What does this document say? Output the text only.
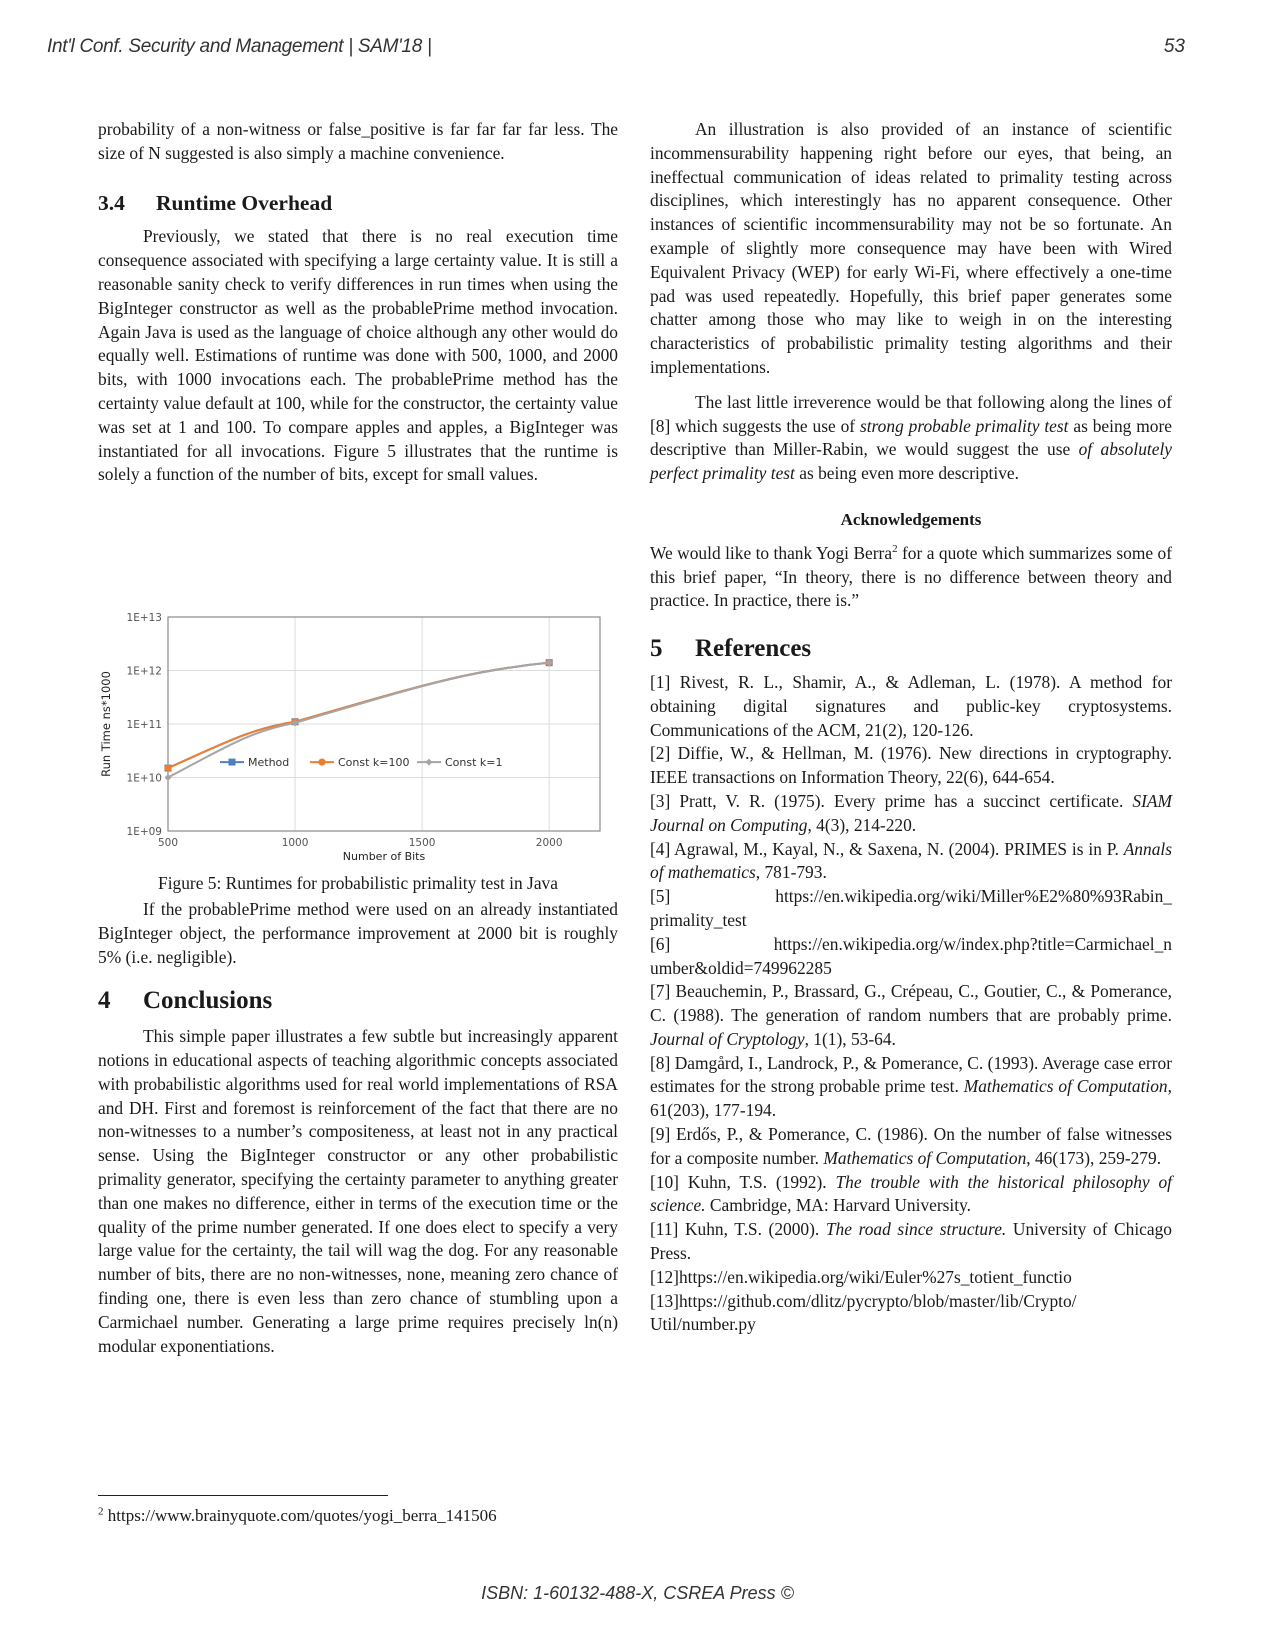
Int'l Conf. Security and Management | SAM'18 |	53

probability of a non-witness or false_positive is far far far far less. The size of N suggested is also simply a machine convenience.

3.4 Runtime Overhead

Previously, we stated that there is no real execution time consequence associated with specifying a large certainty value. It is still a reasonable sanity check to verify differences in run times when using the BigInteger constructor as well as the probablePrime method invocation. Again Java is used as the language of choice although any other would do equally well. Estimations of runtime was done with 500, 1000, and 2000 bits, with 1000 invocations each. The probablePrime method has the certainty value default at 100, while for the constructor, the certainty value was set at 1 and 100. To compare apples and apples, a BigInteger was instantiated for all invocations. Figure 5 illustrates that the runtime is solely a function of the number of bits, except for small values.

1E+09
1E+10
1E+11
1E+12
1E+13
500	1000	1500	2000
Run Time ns*1000
Number of Bits
Method	Const k=100	Const k=1
Figure 5: Runtimes for probabilistic primality test in Java

If the probablePrime method were used on an already instantiated BigInteger object, the performance improvement at 2000 bit is roughly 5% (i.e. negligible).

4 Conclusions

This simple paper illustrates a few subtle but increasingly apparent notions in educational aspects of teaching algorithmic concepts associated with probabilistic algorithms used for real world implementations of RSA and DH. First and foremost is reinforcement of the fact that there are no non-witnesses to a number’s compositeness, at least not in any practical sense. Using the BigInteger constructor or any other probabilistic primality generator, specifying the certainty parameter to anything greater than one makes no difference, either in terms of the execution time or the quality of the prime number generated. If one does elect to specify a very large value for the certainty, the tail will wag the dog. For any reasonable number of bits, there are no non-witnesses, none, meaning zero chance of finding one, there is even less than zero chance of stumbling upon a Carmichael number. Generating a large prime requires precisely ln(n) modular exponentiations.

An illustration is also provided of an instance of scientific incommensurability happening right before our eyes, that being, an ineffectual communication of ideas related to primality testing across disciplines, which interestingly has no apparent consequence. Other instances of scientific incommensurability may not be so fortunate. An example of slightly more consequence may have been with Wired Equivalent Privacy (WEP) for early Wi-Fi, where effectively a one-time pad was used repeatedly. Hopefully, this brief paper generates some chatter among those who may like to weigh in on the interesting characteristics of probabilistic primality testing algorithms and their implementations.

The last little irreverence would be that following along the lines of [8] which suggests the use of strong probable primality test as being more descriptive than Miller-Rabin, we would suggest the use of absolutely perfect primality test as being even more descriptive.

Acknowledgements

We would like to thank Yogi Berra$^2$ for a quote which summarizes some of this brief paper, “In theory, there is no difference between theory and practice. In practice, there is.”

5 References

[1] Rivest, R. L., Shamir, A., & Adleman, L. (1978). A method for obtaining digital signatures and public-key cryptosystems. Communications of the ACM, 21(2), 120-126.

[2] Diffie, W., & Hellman, M. (1976). New directions in cryptography. IEEE transactions on Information Theory, 22(6), 644-654.

[3] Pratt, V. R. (1975). Every prime has a succinct certificate. SIAM Journal on Computing, 4(3), 214-220.

[4] Agrawal, M., Kayal, N., & Saxena, N. (2004). PRIMES is in P. Annals of mathematics, 781-793.

[5] https://en.wikipedia.org/wiki/Miller%E2%80%93Rabin_ primality_test

[6] https://en.wikipedia.org/w/index.php?title=Carmichael_n umber&oldid=749962285

[7] Beauchemin, P., Brassard, G., Crépeau, C., Goutier, C., & Pomerance, C. (1988). The generation of random numbers that are probably prime. Journal of Cryptology, 1(1), 53-64.

[8] Damgård, I., Landrock, P., & Pomerance, C. (1993). Average case error estimates for the strong probable prime test. Mathematics of Computation, 61(203), 177-194.

[9] Erdős, P., & Pomerance, C. (1986). On the number of false witnesses for a composite number. Mathematics of Computation, 46(173), 259-279.

[10] Kuhn, T.S. (1992). The trouble with the historical philosophy of science. Cambridge, MA: Harvard University.

[11] Kuhn, T.S. (2000). The road since structure. University of Chicago Press.

[12]https://en.wikipedia.org/wiki/Euler%27s_totient_functio

[13]https://github.com/dlitz/pycrypto/blob/master/lib/Crypto/ Util/number.py

$^2$ https://www.brainyquote.com/quotes/yogi_berra_141506
ISBN: 1-60132-488-X, CSREA Press ©
